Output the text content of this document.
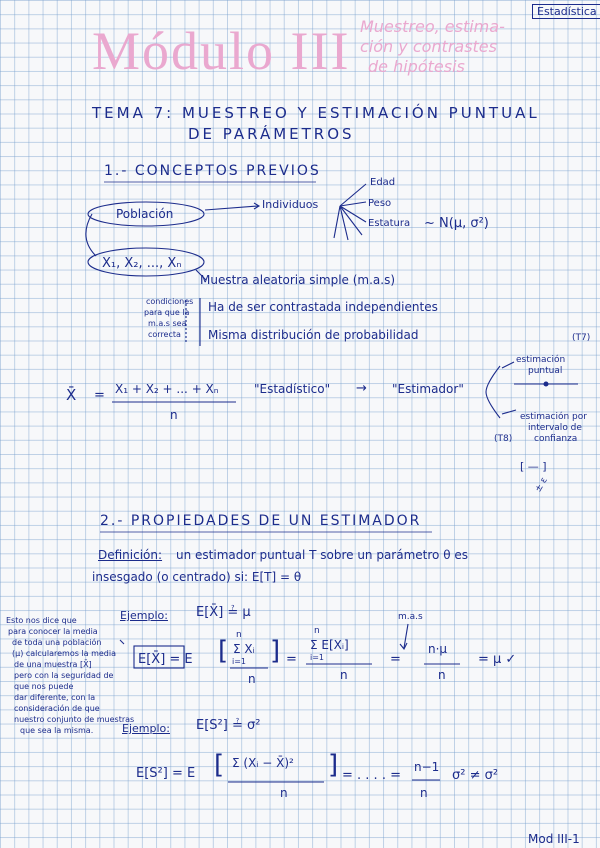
Estadística
Módulo III Muestreo, estima-
ción y contrastes
de hipótesis
TEMA 7: MUESTREO Y ESTIMACIÓN PUNTUAL
DE PARÁMETROS
1.- CONCEPTOS PREVIOS
Población
Individuos
Edad
Peso
Estatura ~ N(μ, σ²)
X₁, X₂, ..., Xₙ
Muestra aleatoria simple (m.a.s)
condiciones
para que la
m.a.s sea
correcta
Ha de ser contrastada independientes
Misma distribución de probabilidad
X̄ = X₁ + X₂ + ... + Xₙ
n
"Estadístico" → "Estimador"
(T7)
estimación
puntual
estimación por
intervalo de
confianza
(T8)
[ — ]
± ε
2.- PROPIEDADES DE UN ESTIMADOR
Definición: un estimador puntual T sobre un parámetro θ es
insesgado (o centrado) si: E[T] = θ
Ejemplo: E[X̄] ≟ μ
Esto nos dice que
para conocer la media
de toda una población
(μ) calcularemos la media
de una muestra [X̄]
pero con la seguridad de
que nos puede
dar diferente, con la
consideración de que
nuestro conjunto de muestras
que sea la misma.
E[X̄] = E [
n
Σ Xᵢ
i=1
n
] =
n
Σ E[Xᵢ]
i=1
n
m.a.s
=
n·μ
n
= μ ✓
Ejemplo: E[S²] ≟ σ²
E[S²] = E [ Σ (Xᵢ − X̄)²
n
] = . . . . =
n−1
n
σ² ≠ σ²
Mod III-1
